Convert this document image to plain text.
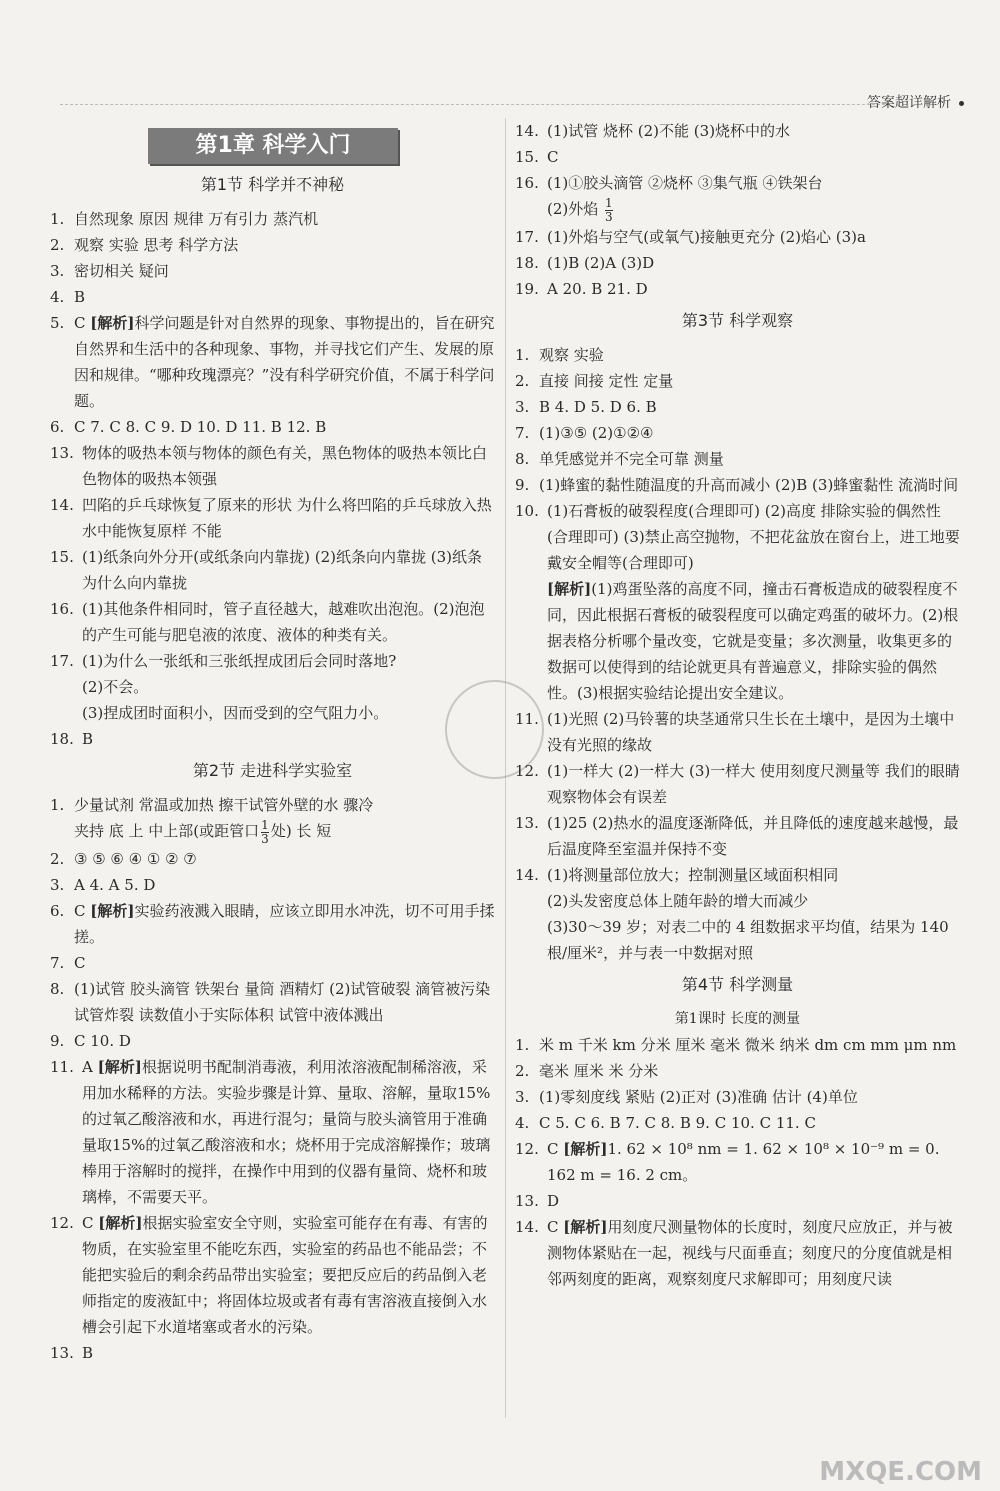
答案超详解析
第1章 科学入门
第1节 科学并不神秘
1. 自然现象 原因 规律 万有引力 蒸汽机
2. 观察 实验 思考 科学方法
3. 密切相关 疑问
4. B
5. C [解析]科学问题是针对自然界的现象、事物提出的，旨在研究自然界和生活中的各种现象、事物，并寻找它们产生、发展的原因和规律。“哪种玫瑰漂亮？”没有科学研究价值，不属于科学问题。
6. C 7. C 8. C 9. D 10. D 11. B 12. B
13. 物体的吸热本领与物体的颜色有关，黑色物体的吸热本领比白色物体的吸热本领强
14. 凹陷的乒乓球恢复了原来的形状 为什么将凹陷的乒乓球放入热水中能恢复原样 不能
15. (1)纸条向外分开(或纸条向内靠拢) (2)纸条向内靠拢 (3)纸条为什么向内靠拢
16. (1)其他条件相同时，管子直径越大，越难吹出泡泡。(2)泡泡的产生可能与肥皂液的浓度、液体的种类有关。
17. (1)为什么一张纸和三张纸捏成团后会同时落地?
(2)不会。
(3)捏成团时面积小，因而受到的空气阻力小。
18. B
第2节 走进科学实验室
1. 少量试剂 常温或加热 擦干试管外壁的水 骤冷
夹持 底 上 中上部(或距管口 $\frac{1}{3}$ 处) 长 短
2. ③ ⑤ ⑥ ④ ① ② ⑦
3. A 4. A 5. D
6. C [解析]实验药液溅入眼睛，应该立即用水冲洗，切不可用手揉搓。
7. C
8. (1)试管 胶头滴管 铁架台 量筒 酒精灯 (2)试管破裂 滴管被污染 试管炸裂 读数值小于实际体积 试管中液体溅出
9. C 10. D
11. A [解析]根据说明书配制消毒液，利用浓溶液配制稀溶液，采用加水稀释的方法。实验步骤是计算、量取、溶解，量取15%的过氧乙酸溶液和水，再进行混匀；量筒与胶头滴管用于准确量取15%的过氧乙酸溶液和水；烧杯用于完成溶解操作；玻璃棒用于溶解时的搅拌，在操作中用到的仪器有量筒、烧杯和玻璃棒，不需要天平。
12. C [解析]根据实验室安全守则，实验室可能存在有毒、有害的物质，在实验室里不能吃东西，实验室的药品也不能品尝；不能把实验后的剩余药品带出实验室；要把反应后的药品倒入老师指定的废液缸中；将固体垃圾或者有毒有害溶液直接倒入水槽会引起下水道堵塞或者水的污染。
13. B
14. (1)试管 烧杯 (2)不能 (3)烧杯中的水
15. C
16. (1)①胶头滴管 ②烧杯 ③集气瓶 ④铁架台
(2)外焰 $\frac{1}{3}$
17. (1)外焰与空气(或氧气)接触更充分 (2)焰心 (3)a
18. (1)B (2)A (3)D
19. A 20. B 21. D
第3节 科学观察
1. 观察 实验
2. 直接 间接 定性 定量
3. B 4. D 5. D 6. B
7. (1)③⑤ (2)①②④
8. 单凭感觉并不完全可靠 测量
9. (1)蜂蜜的黏性随温度的升高而减小 (2)B (3)蜂蜜黏性 流淌时间
10. (1)石膏板的破裂程度(合理即可) (2)高度 排除实验的偶然性(合理即可) (3)禁止高空抛物，不把花盆放在窗台上，进工地要戴安全帽等(合理即可)
[解析](1)鸡蛋坠落的高度不同，撞击石膏板造成的破裂程度不同，因此根据石膏板的破裂程度可以确定鸡蛋的破坏力。(2)根据表格分析哪个量改变，它就是变量；多次测量，收集更多的数据可以使得到的结论就更具有普遍意义，排除实验的偶然性。(3)根据实验结论提出安全建议。
11. (1)光照 (2)马铃薯的块茎通常只生长在土壤中，是因为土壤中没有光照的缘故
12. (1)一样大 (2)一样大 (3)一样大 使用刻度尺测量等 我们的眼睛观察物体会有误差
13. (1)25 (2)热水的温度逐渐降低，并且降低的速度越来越慢，最后温度降至室温并保持不变
14. (1)将测量部位放大；控制测量区域面积相同
(2)头发密度总体上随年龄的增大而减少
(3)30～39 岁；对表二中的 4 组数据求平均值，结果为 140 根/厘米²，并与表一中数据对照
第4节 科学测量
第1课时 长度的测量
1. 米 m 千米 km 分米 厘米 毫米 微米 纳米 dm cm mm μm nm
2. 毫米 厘米 米 分米
3. (1)零刻度线 紧贴 (2)正对 (3)准确 估计 (4)单位
4. C 5. C 6. B 7. C 8. B 9. C 10. C 11. C
12. C [解析]1. 62 × 10⁸ nm = 1. 62 × 10⁸ × 10⁻⁹ m = 0. 162 m = 16. 2 cm。
13. D
14. C [解析]用刻度尺测量物体的长度时，刻度尺应放正，并与被测物体紧贴在一起，视线与尺面垂直；刻度尺的分度值就是相邻两刻度的距离，观察刻度尺求解即可；用刻度尺读
MXQE.COM
